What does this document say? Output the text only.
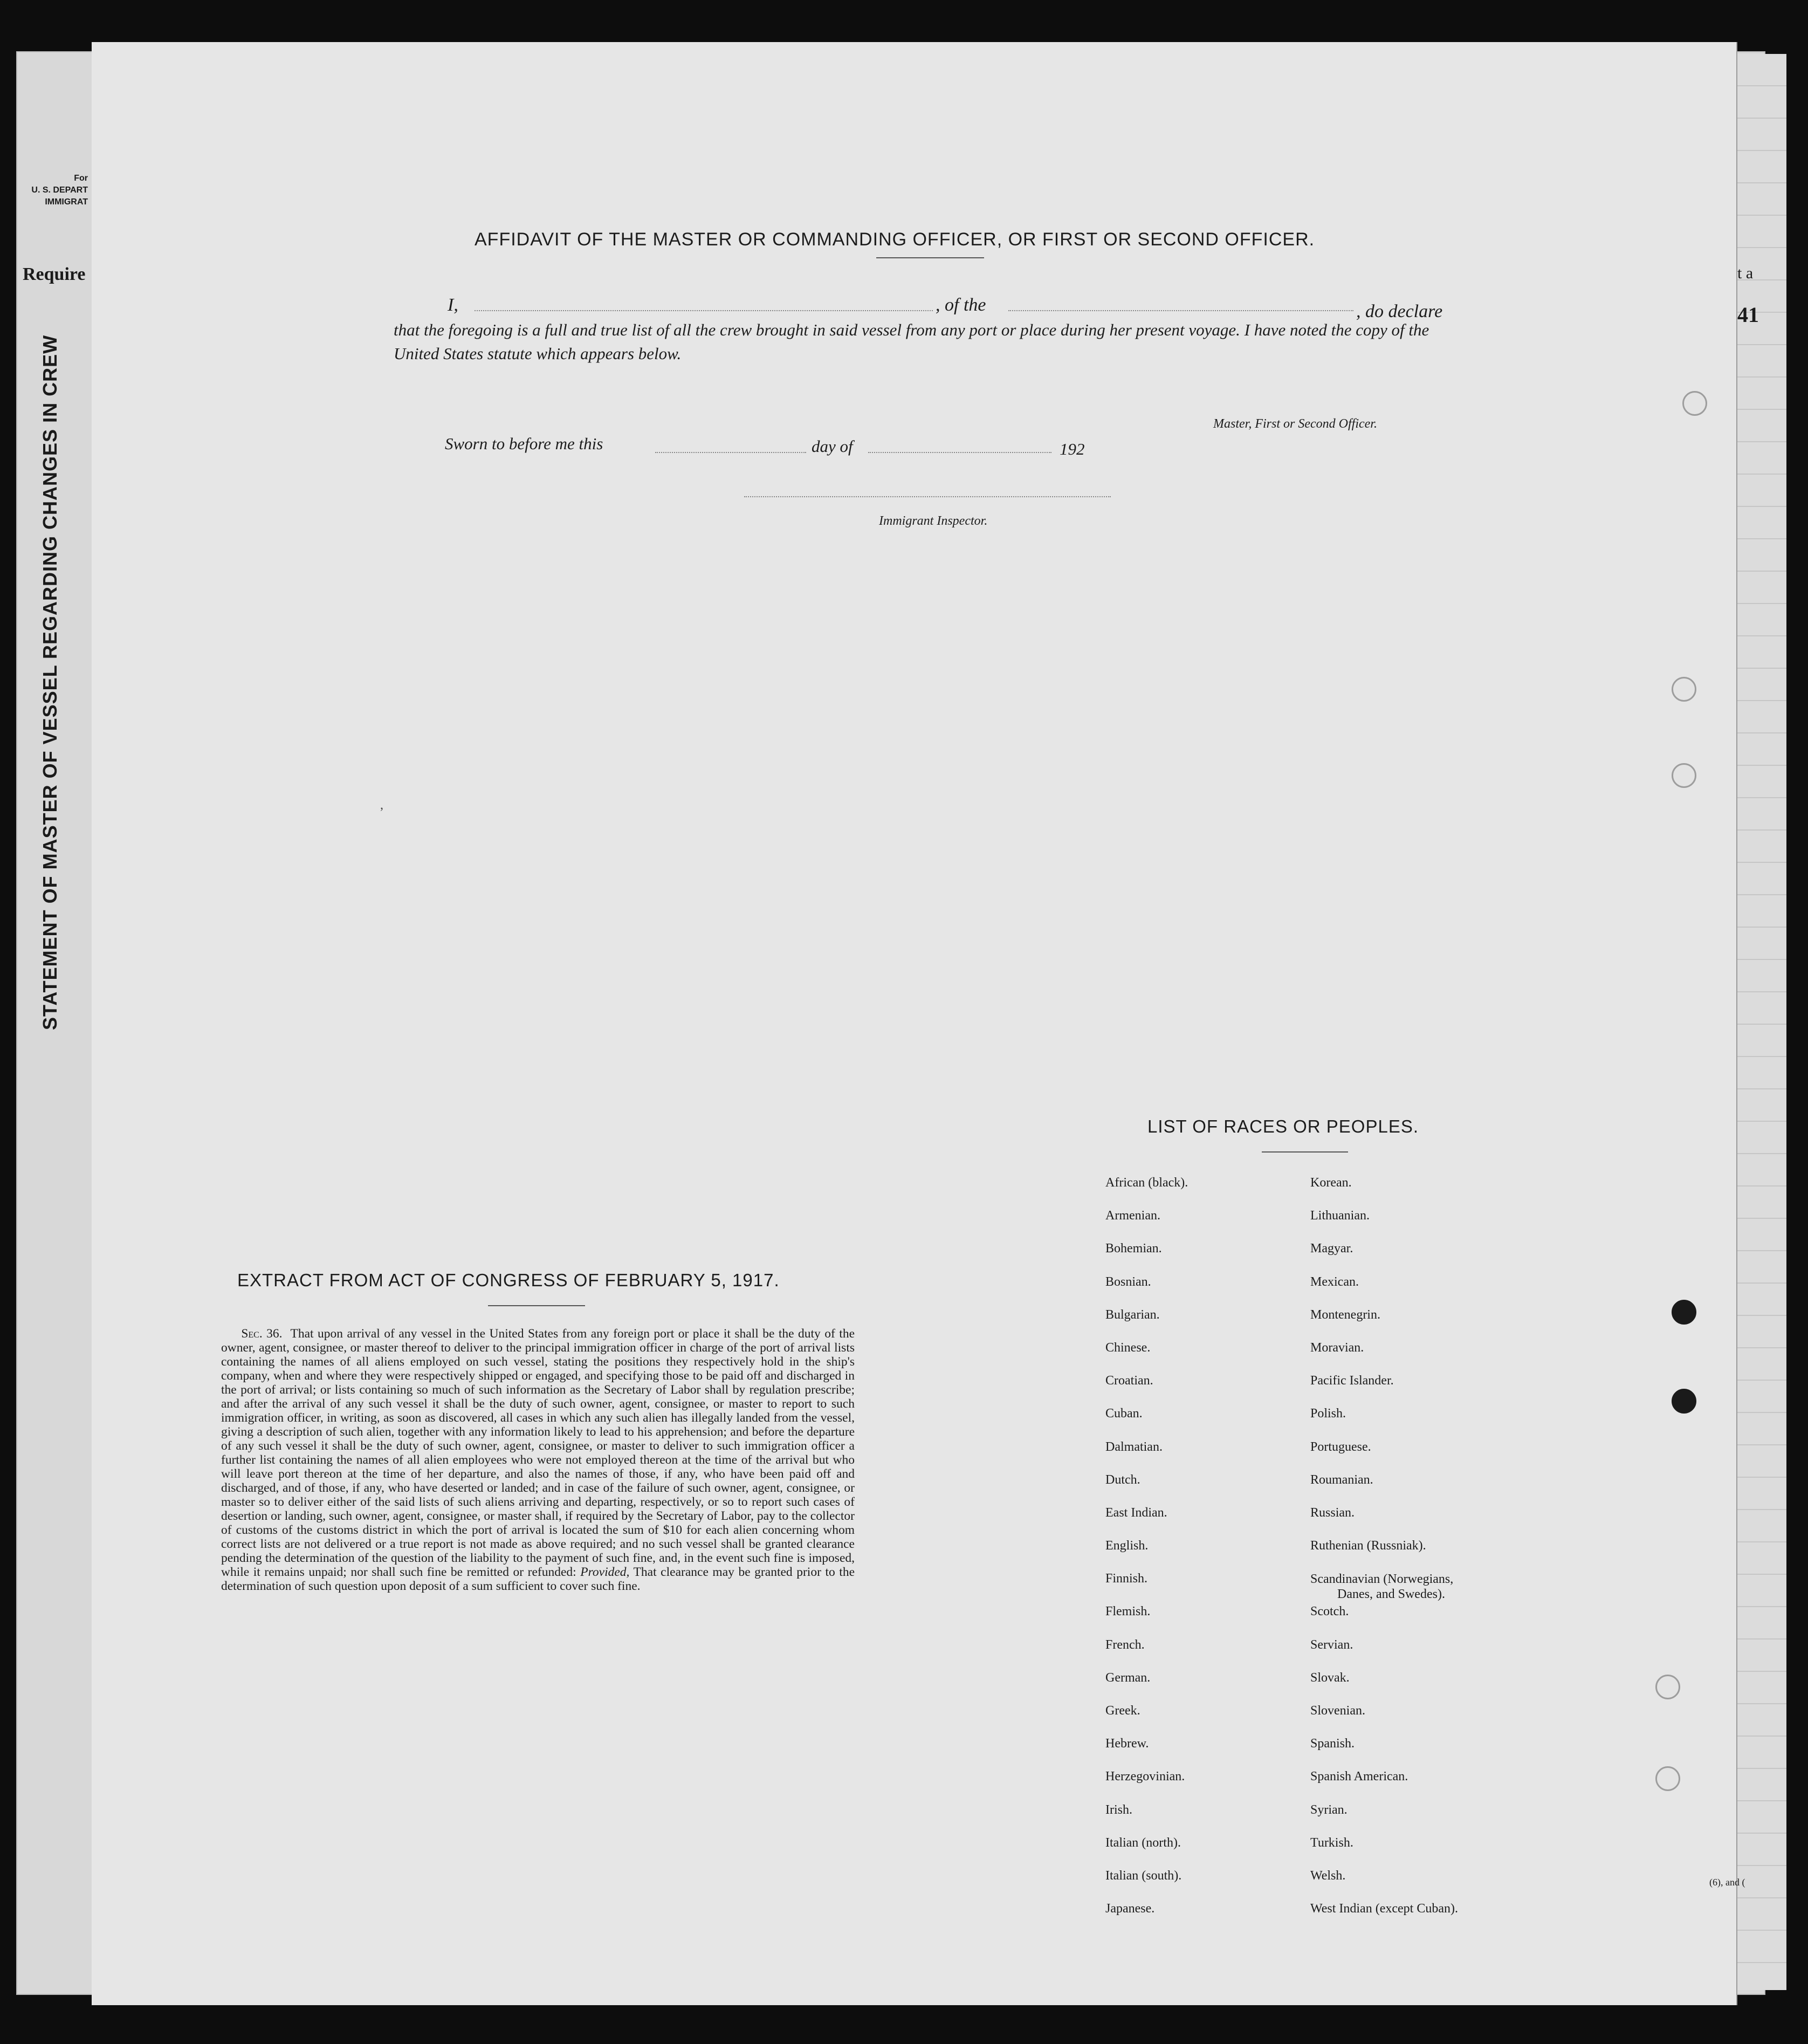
For
U. S. DEPART
IMMIGRAT
Require
STATEMENT OF MASTER OF VESSEL REGARDING CHANGES IN CREW
t a
41
(6), and (
AFFIDAVIT OF THE MASTER OR COMMANDING OFFICER, OR FIRST OR SECOND OFFICER.
I,	, of the	, do declare
that the foregoing is a full and true list of all the crew brought in said vessel from any port or place during her present voyage. I have noted the copy of the United States statute which appears below.
Master, First or Second Officer.
Sworn to before me this	day of	192
Immigrant Inspector.
,
EXTRACT FROM ACT OF CONGRESS OF FEBRUARY 5, 1917.
Sec. 36. That upon arrival of any vessel in the United States from any foreign port or place it shall be the duty of the owner, agent, consignee, or master thereof to deliver to the principal immigration officer in charge of the port of arrival lists containing the names of all aliens employed on such vessel, stating the positions they respectively hold in the ship's company, when and where they were respectively shipped or engaged, and specifying those to be paid off and discharged in the port of arrival; or lists containing so much of such information as the Secretary of Labor shall by regulation prescribe; and after the arrival of any such vessel it shall be the duty of such owner, agent, consignee, or master to report to such immigration officer, in writing, as soon as discovered, all cases in which any such alien has illegally landed from the vessel, giving a description of such alien, together with any information likely to lead to his apprehension; and before the departure of any such vessel it shall be the duty of such owner, agent, consignee, or master to deliver to such immigration officer a further list containing the names of all alien employees who were not employed thereon at the time of the arrival but who will leave port thereon at the time of her departure, and also the names of those, if any, who have been paid off and discharged, and of those, if any, who have deserted or landed; and in case of the failure of such owner, agent, consignee, or master so to deliver either of the said lists of such aliens arriving and departing, respectively, or so to report such cases of desertion or landing, such owner, agent, consignee, or master shall, if required by the Secretary of Labor, pay to the collector of customs of the customs district in which the port of arrival is located the sum of $10 for each alien concerning whom correct lists are not delivered or a true report is not made as above required; and no such vessel shall be granted clearance pending the determination of the question of the liability to the payment of such fine, and, in the event such fine is imposed, while it remains unpaid; nor shall such fine be remitted or refunded: Provided, That clearance may be granted prior to the determination of such question upon deposit of a sum sufficient to cover such fine.
LIST OF RACES OR PEOPLES.
African (black).
Armenian.
Bohemian.
Bosnian.
Bulgarian.
Chinese.
Croatian.
Cuban.
Dalmatian.
Dutch.
East Indian.
English.
Finnish.
Flemish.
French.
German.
Greek.
Hebrew.
Herzegovinian.
Irish.
Italian (north).
Italian (south).
Japanese.
Korean.
Lithuanian.
Magyar.
Mexican.
Montenegrin.
Moravian.
Pacific Islander.
Polish.
Portuguese.
Roumanian.
Russian.
Ruthenian (Russniak).
Scandinavian (Norwegians,
Danes, and Swedes).
Scotch.
Servian.
Slovak.
Slovenian.
Spanish.
Spanish American.
Syrian.
Turkish.
Welsh.
West Indian (except Cuban).
